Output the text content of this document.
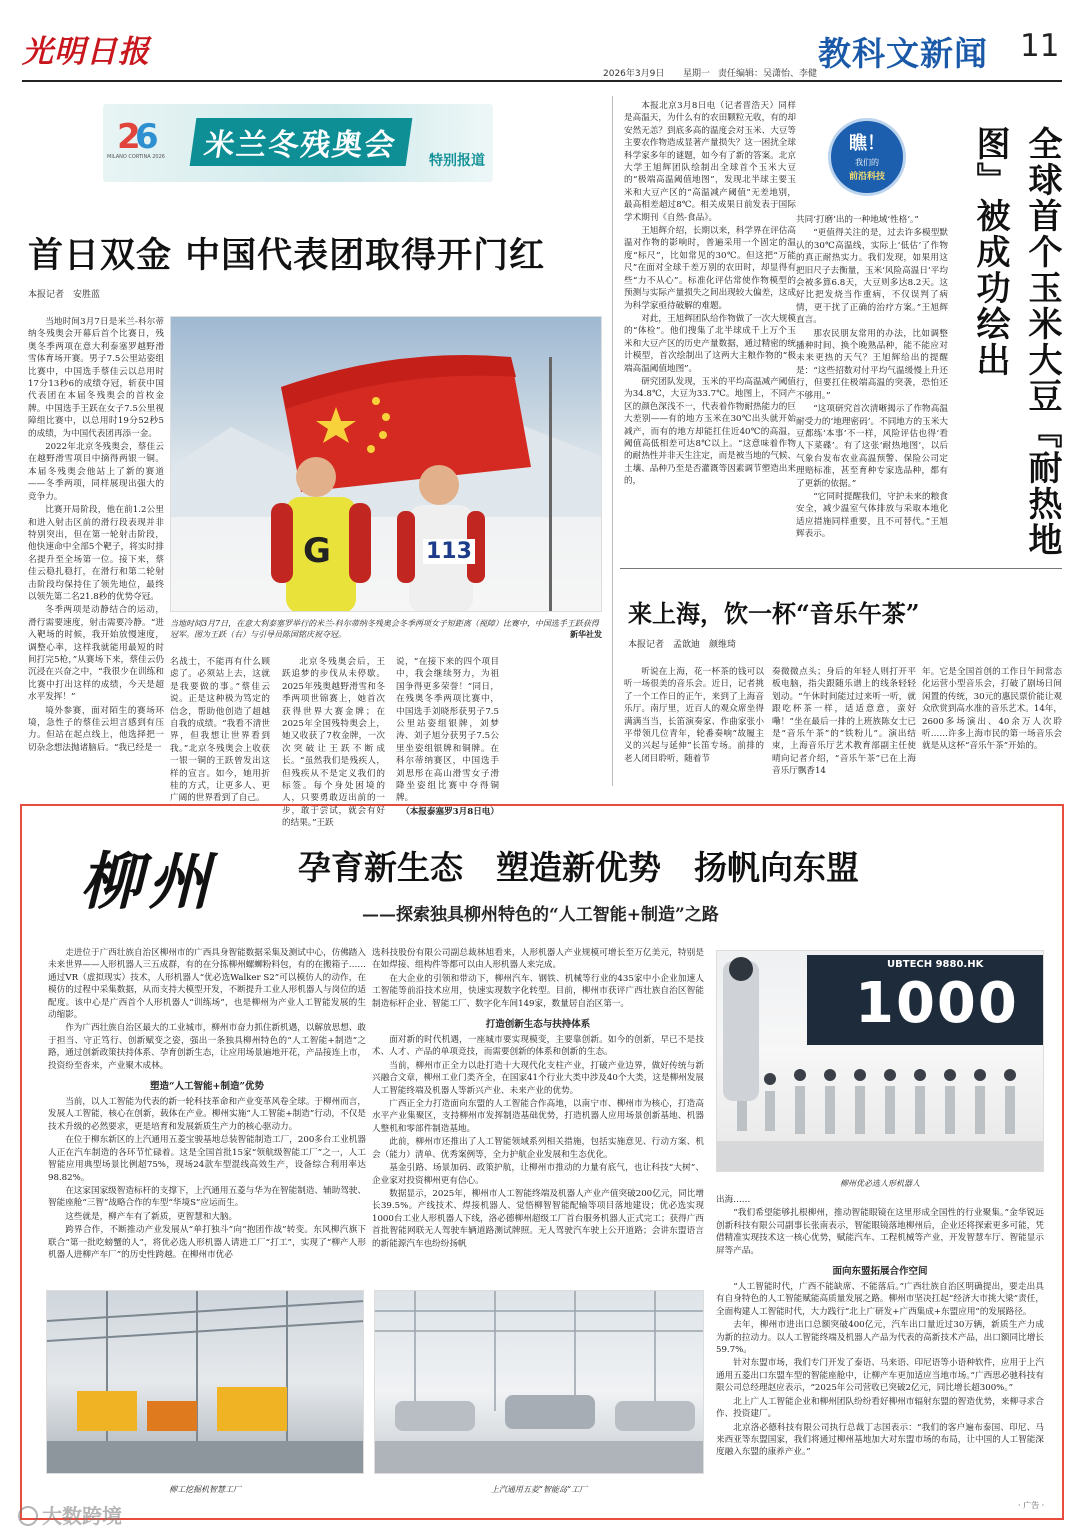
光明日报
2026年3月9日 星期一 责任编辑：吴潇怡、李健
教科文新闻 11
2
6
MILANO CORTINA 2026	米兰冬残奥会	特别报道
首日双金 中国代表团取得开门红
本报记者　安胜蓝

当地时间3月7日是米兰-科尔蒂纳冬残奥会开幕后首个比赛日，残奥冬季两项在意大利泰塞罗越野滑雪体育场开赛。男子7.5公里站姿组比赛中，中国选手蔡佳云以总用时17分13秒6的成绩夺冠，斩获中国代表团在本届冬残奥会的首枚金牌。中国选手王跃在女子7.5公里视障组比赛中，以总用时19分52秒5的成绩，为中国代表团再添一金。

2022年北京冬残奥会，蔡佳云在越野滑雪项目中摘得两银一铜。本届冬残奥会他站上了新的赛道——冬季两项，同样展现出强大的竞争力。

比赛开局阶段，他在前1.2公里和进入射击区前的滑行段表现并非特别突出，但在第一轮射击阶段，他快速命中全部5个靶子，将实时排名提升至全场第一位。接下来，蔡佳云稳扎稳打，在滑行和第二轮射击阶段均保持住了领先地位，最终以领先第二名21.8秒的优势夺冠。

冬季两项是动静结合的运动，滑行需要速度，射击需要冷静。“进入靶场的时候，我开始放慢速度，调整心率，这样我就能用最短的时间打完5枪，”从赛场下来，蔡佳云仍沉浸在兴奋之中，“我很少在训练和比赛中打出这样的成绩，今天是超水平发挥！”

境外参赛，面对陌生的赛场环境，急性子的蔡佳云坦言感到有压力。但站在起点线上，他选择把一切杂念想法抛诸脑后。“我已经是一

G	113
当地时间3月7日，在意大利泰塞罗举行的米兰-科尔蒂纳冬残奥会冬季两项女子短距离（视障）比赛中，中国选手王跃获得冠军。图为王跃（右）与引导员陈国铭庆祝夺冠。	新华社发

名战士，不能再有什么顾虑了。必须站上去，这就是我要做的事。”蔡佳云说。正是这种极为笃定的信念，帮助他创造了超越自我的成绩。“我看不清世界，但我想让世界看到我。”北京冬残奥会上收获一银一铜的王跃曾发出这样的宣言。如今，她用折桂的方式，让更多人、更广阔的世界看到了自己。

北京冬残奥会后，王跃追梦的步伐从未停歇。2025年残奥越野滑雪和冬季两项世锦赛上，她首次获得世界大赛金牌；在2025年全国残特奥会上，她又收获了7枚金牌，一次次突破让王跃不断成长。“虽然我们是残疾人，但残疾从不是定义我们的标签。每个身处困境的人，只要勇敢迈出前的一步，敢于尝试，就会有好的结果。”王跃

说，“在接下来的四个项目中，我会继续努力，为祖国争得更多荣誉！”同日，在残奥冬季两项比赛中，中国选手刘晓彤获男子7.5公里站姿组银牌，刘梦涛、刘子旭分获男子7.5公里坐姿组银牌和铜牌。在科尔蒂纳赛区，中国选手刘思彤在高山滑雪女子滑降坐姿组比赛中夺得铜牌。

（本报泰塞罗3月8日电）

本报北京3月8日电（记者晋浩天）同样是高温天，为什么有的农田颗粒无收，有的却安然无恙？到底多高的温度会对玉米、大豆等主要农作物造成显著产量损失？这一困扰全球科学家多年的谜题，如今有了新的答案。北京大学王旭辉团队绘制出全球首个玉米大豆的“极端高温阈值地图”，发现北半球主要玉米和大豆产区的“高温减产阈值”无差地别，最高相差超过8℃。相关成果日前发表于国际学术期刊《自然-食品》。

王旭辉介绍，长期以来，科学界在评估高温对作物的影响时，普遍采用一个固定的温度“标尺”，比如常见的30℃。但这把“万能尺”在面对全球千差万别的农田时，却显得有些“力不从心”。标准化评估常使作物模型的预测与实际产量损失之间出现较大偏差，这成为科学家亟待破解的难题。

对此，王旭辉团队给作物做了一次大规模的“体检”。他们搜集了北半球成千上万个玉米和大豆产区的历史产量数据，通过精密的统计模型，首次绘制出了这两大主粮作物的“极端高温阈值地图”。

研究团队发现，玉米的平均高温减产阈值为34.8℃，大豆为33.7℃。地图上，不同产区的颜色深浅不一，代表着作物耐热能力的巨大差别——有的地方玉米在30℃出头就开始减产，而有的地方却能扛住近40℃的高温，阈值高低相差可达8℃以上。“这意味着作物的耐热性并非天生注定，而是被当地的气候、土壤、品种乃至是否灌溉等因素调节塑造出来的，

瞧！
我们的
前沿科技

共同‘打磨’出的一种地域‘性格’。”

“更值得关注的是，过去许多模型默认的30℃高温线，实际上‘低估’了作物的真正耐热实力。我们发现，如果用这把旧尺子去衡量，玉米‘风险高温日’平均会被多算6.8天，大豆则多达8.2天。这好比把发烧当作重病，不仅误判了病情，更干扰了正确的治疗方案。”王旭辉直言。

那农民朋友常用的办法，比如调整播种时间、换个晚熟品种，能不能应对未来更热的天气？王旭辉给出的提醒是：“这些招数对付平均气温缓慢上升还行，但要扛住极端高温的突袭，恐怕还不够用。”

“这项研究首次清晰揭示了作物高温耐受力的‘地理密码’。不同地方的玉米大豆都练‘本事’不一样，风险评估也得‘看人下菜碟’。有了这张‘耐热地图’，以后气象台发布农业高温预警、保险公司定理赔标准，甚至育种专家选品种，都有了更新的依据。”

“它同时提醒我们，守护未来的粮食安全，减少温室气体排放与采取本地化适应措施同样重要，且不可替代。”王旭辉表示。	全球首个玉米大豆『耐热地图』被成功绘出
来上海，饮一杯“音乐午茶”
本报记者　孟歆迪　颜维琦

听说在上海，花一杯茶的钱可以听一场很美的音乐会。近日，记者挑了一个工作日的正午，来到了上海音乐厅。南厅里，近百人的观众席坐得满满当当，长笛演奏家、作曲家张小平带领几位青年，轮番奏响“故履主义的兴起与延伸”长笛专场。前排的老人闭目聆听，随着节

奏微微点头；身后的年轻人则打开平板电脑，指尖跟随乐谱上的线条轻轻划动。“午休时间能过过来听一听，就跟吃杯茶一样，适适意意，蛮好嘞！”坐在最后一排的上班族陈女士已是“音乐午茶”的“铁粉儿”。演出结束，上海音乐厅艺术教育部副主任使晴向记者介绍，“音乐午茶”已在上海音乐厅飘香14

年。它是全国首创的工作日午间常态化运营小型音乐会，打破了剧场日间闲置的传统，30元的惠民票价能让观众欣赏到高水准的音乐艺术。14年，2600多场演出、40余万人次聆听……许多上海市民的第一场音乐会就是从这杯“音乐午茶”开始的。

柳州 孕育新生态　塑造新优势　扬帆向东盟
——探索独具柳州特色的“人工智能+制造”之路

走进位于广西壮族自治区柳州市的广西具身智能数据采集及测试中心，仿佛踏入未来世界——人形机器人三五成群，有的在分拣柳州螺蛳粉料包，有的在搬箱子……通过VR（虚拟现实）技术，人形机器人“优必选Walker S2”可以模仿人的动作，在模仿的过程中采集数据，从而支持大模型开发，不断提升工业人形机器人与岗位的适配度。该中心是广西首个人形机器人“训练场”，也是柳州为产业人工智能发展的生动缩影。

作为广西壮族自治区最大的工业城市，柳州市奋力抓住新机遇，以解放思想、敢于担当、守正笃行、创新赋变之姿，强出一条独具柳州特色的“人工智能+制造”之路，通过创新政策扶持体系、孕育创新生态，让应用场景遍地开花，产品接连上市，投资纷至沓来，产业聚木成林。

塑造“人工智能+制造”优势

当前，以人工智能为代表的新一轮科技革命和产业变革风卷全球。于柳州而言，发展人工智能，核心在创新，载体在产业。柳州实施“人工智能+制造”行动，不仅是技术升级的必然要求，更是培育和发展新质生产力的核心驱动力。

在位于柳东新区的上汽通用五菱宝骏基地总装智能制造工厂，200多台工业机器人正在汽车制造的各环节忙碌着。这是全国首批15家“领航级智能工厂”之一，人工智能应用典型场景比例超75%，现场24款车型混线高效生产，设备综合利用率达98.82%。

在这家国家级智造标杆的支撑下，上汽通用五菱与华为在智能制造、辅助驾驶、智能座舱“三智”战略合作的车型“华境S”应运而生。

这些就是，柳产车有了新质，更智慧和大脑。

跨界合作，不断推动产业发展从“单打独斗”向“抱团作战”转变。东风柳汽旗下联合“第一批吃螃蟹的人”，将优必选人形机器人请进工厂“打工”，实现了“柳产人形机器人进柳产车厂”的历史性跨越。在柳州市优必

选科技股份有限公司副总裁林旭看来，人形机器人产业规模可增长至万亿美元，特别是在如焊接、组构件等都可以由人形机器人来完成。

在大企业的引领和带动下，柳州汽车、钢铁、机械等行业的435家中小企业加速人工智能等前沿技术应用，快速实现数字化转型。目前，柳州市获评广西壮族自治区智能制造标杆企业、智能工厂、数字化车间149家，数量居自治区第一。

打造创新生态与扶持体系

面对新的时代机遇，一座城市要实现模变，主要靠创新。如今的创新，早已不是技术、人才、产品的单项竞技，而需要创新的体系和创新的生态。

当前，柳州市正全力以赴打造十大现代化支柱产业，打破产业边界，做好传统与新兴融合文章，柳州工业门类齐全，在国家41个行业大类中涉及40个大类，这是柳州发展人工智能终端及机器人等新兴产业、未来产业的优势。

广西正全力打造面向东盟的人工智能合作高地，以南宁市、柳州市为核心，打造高水平产业集聚区，支持柳州市发挥制造基础优势，打造机器人应用场景创新基地、机器人整机和零部件制造基地。

此前，柳州市还推出了人工智能领域系列相关措施，包括实施意见、行动方案、机会（能力）清单、优秀案例等，全力护航企业发展和生态优化。

基金引路、场景加码、政策护航，让柳州市推动的力量有底气，也让科技“大树”、企业家对投资柳州更有信心。

数据显示，2025年，柳州市人工智能终端及机器人产业产值突破200亿元，同比增长39.5%。产线技术、焊接机器人、觉悟柳智智能配输等项目落地建设；优必选实现1000台工业人形机器人下线，洛必德柳州超级工厂首台服务机器人正式完工；获得广西首批智能网联无人驾驶车辆道路测试牌照。无人驾驶汽车驶上公开道路；会讲东盟语言的新能源汽车也纷纷扬帆

UBTECH 9880.HK
1000
柳州优必选人形机器人

出海……

“我们希望能够扎根柳州，推动智能眼镜在这里形成全国性的行业聚集。”金华锐远创新科技有限公司副事长张南表示，智能眼镜落地柳州后，企业还将探索更多可能，凭借精准实现技术这一核心优势，赋能汽车、工程机械等产业，开发智慧车厅、智能显示屏等产品。

面向东盟拓展合作空间

“人工智能时代，广西不能缺席、不能落后。”广西壮族自治区明确提出，要走出具有自身特色的人工智能赋能高质量发展之路。柳州市坚决扛起“经济大市挑大梁”责任，全面构建人工智能时代，大力践行“北上广研发+广西集成+东盟应用”的发展路径。

去年，柳州市进出口总额突破400亿元，汽车出口量近过30万辆，新质生产力成为新的拉动力。以人工智能终端及机器人产品为代表的高新技术产品，出口额同比增长59.7%。

针对东盟市场，我们专门开发了泰语、马来语、印尼语等小语种软件，应用于上汽通用五菱出口东盟车型的智能座舱中，让柳产车更加适应当地市场。”广西思必驰科技有限公司总经理赵应表示，“2025年公司营收已突破2亿元，同比增长超300%。”

北上广人工智能企业和柳州团队纷纷看好柳州市辐射东盟的智造优势，来柳寻求合作、投资建厂。

北京洛必德科技有限公司执行总裁丁志国表示：“我们的客户遍布泰国、印尼、马来西亚等东盟国家，我们将通过柳州基地加大对东盟市场的布局，让中国的人工智能深度融入东盟的康养产业。”

柳工挖掘机智慧工厂	上汽通用五菱“智能岛”工厂
· 广告 ·
大数跨境
